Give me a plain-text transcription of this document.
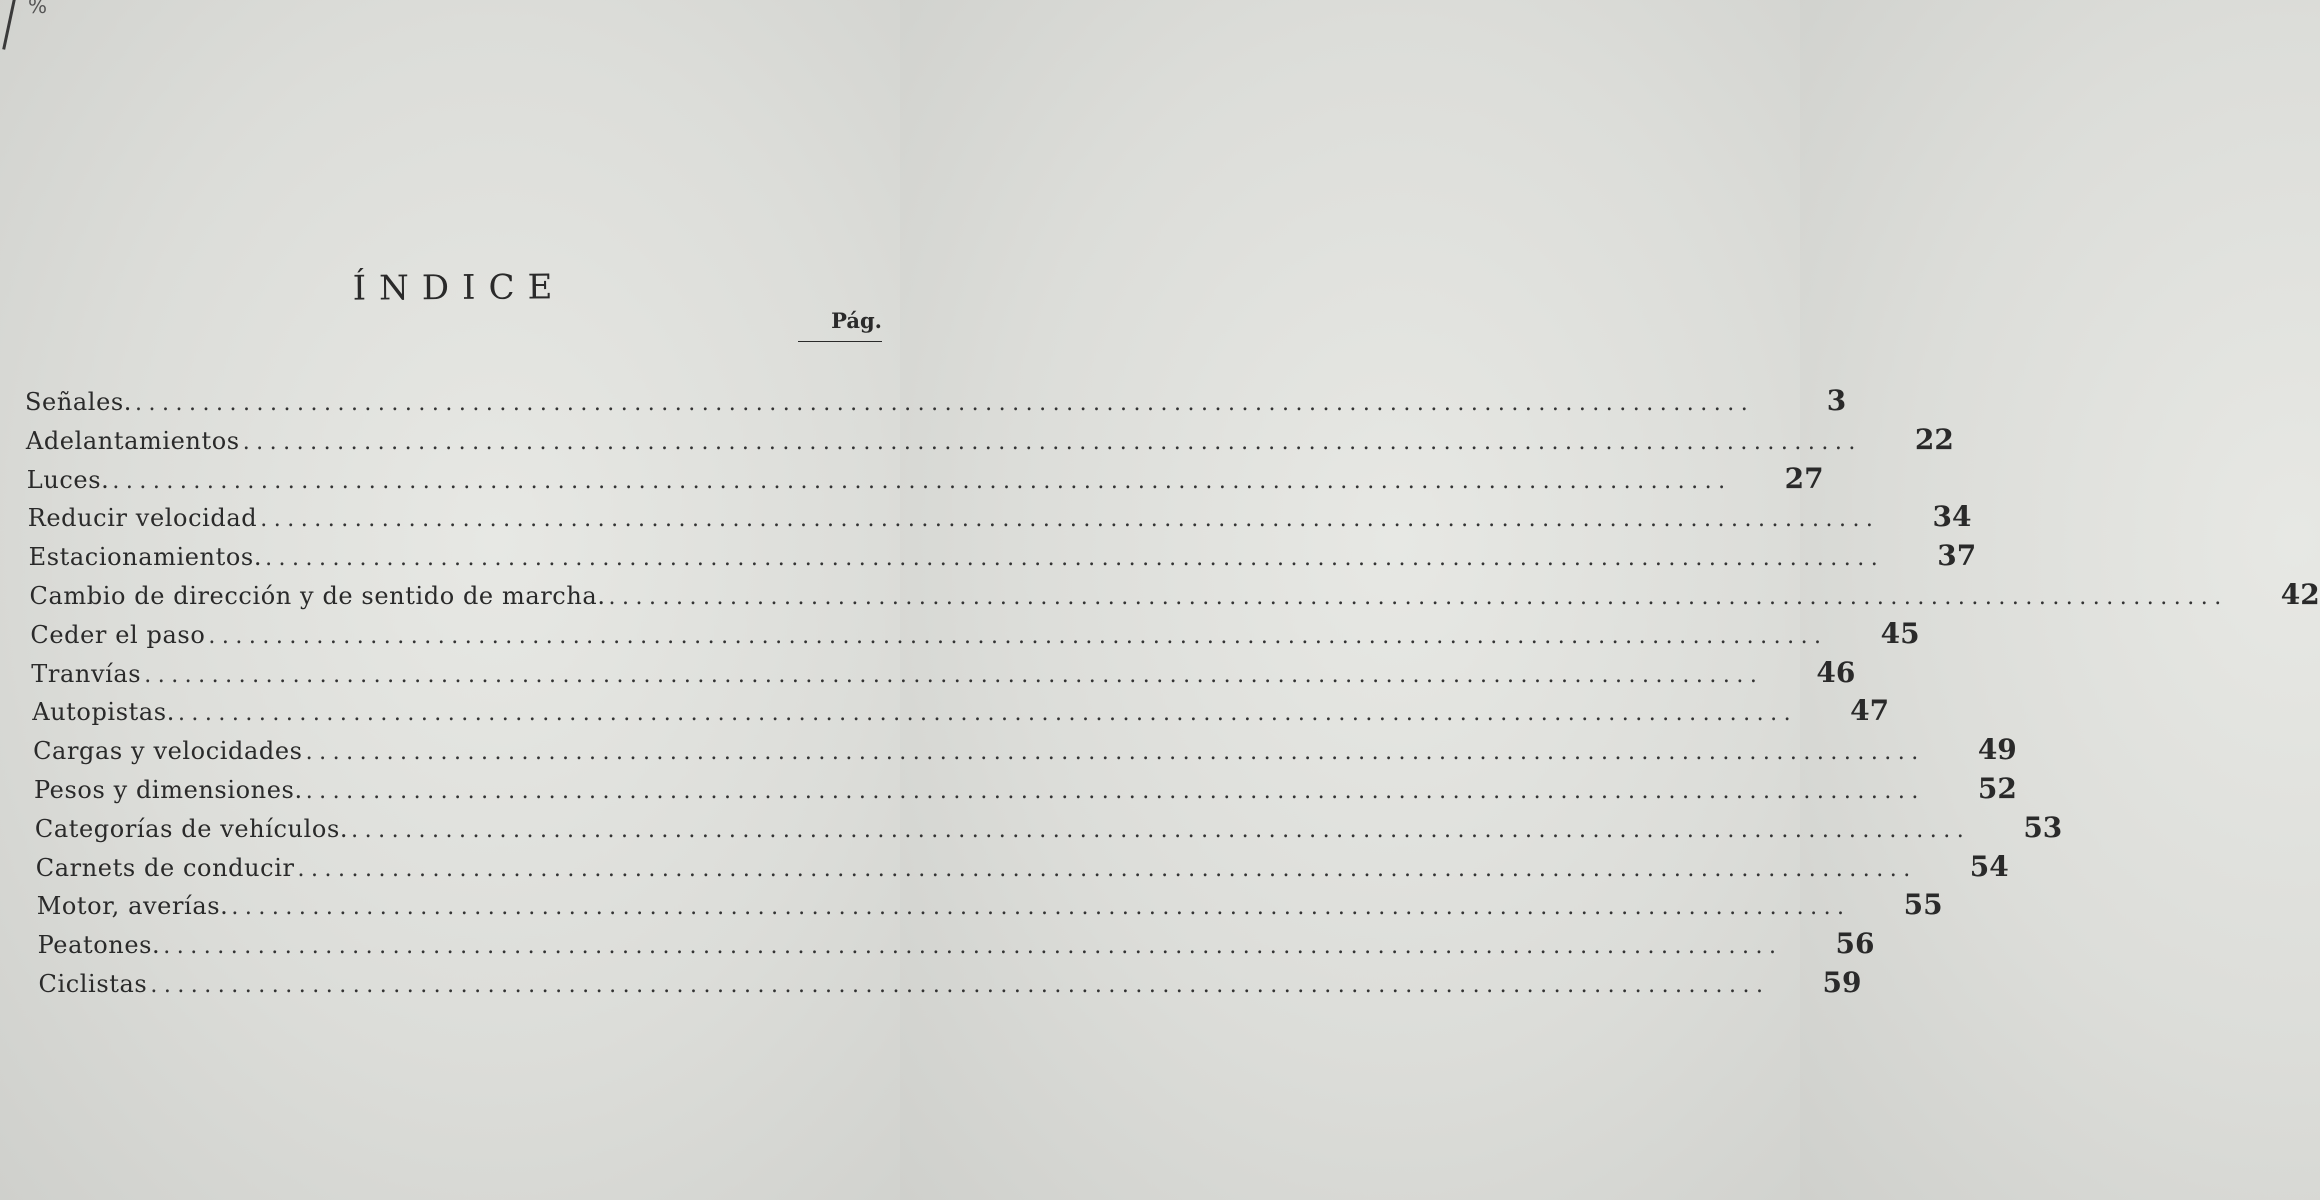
%
ÍNDICE
Pág.
Señales. ........................................................................................................................	3
Adelantamientos ........................................................................................................................	22
Luces. ........................................................................................................................	27
Reducir velocidad ........................................................................................................................	34
Estacionamientos. ........................................................................................................................	37
Cambio de dirección y de sentido de marcha. ........................................................................................................................	42
Ceder el paso ........................................................................................................................	45
Tranvías ........................................................................................................................	46
Autopistas. ........................................................................................................................	47
Cargas y velocidades ........................................................................................................................	49
Pesos y dimensiones. ........................................................................................................................	52
Categorías de vehículos. ........................................................................................................................	53
Carnets de conducir ........................................................................................................................	54
Motor, averías. ........................................................................................................................	55
Peatones. ........................................................................................................................	56
Ciclistas ........................................................................................................................	59
